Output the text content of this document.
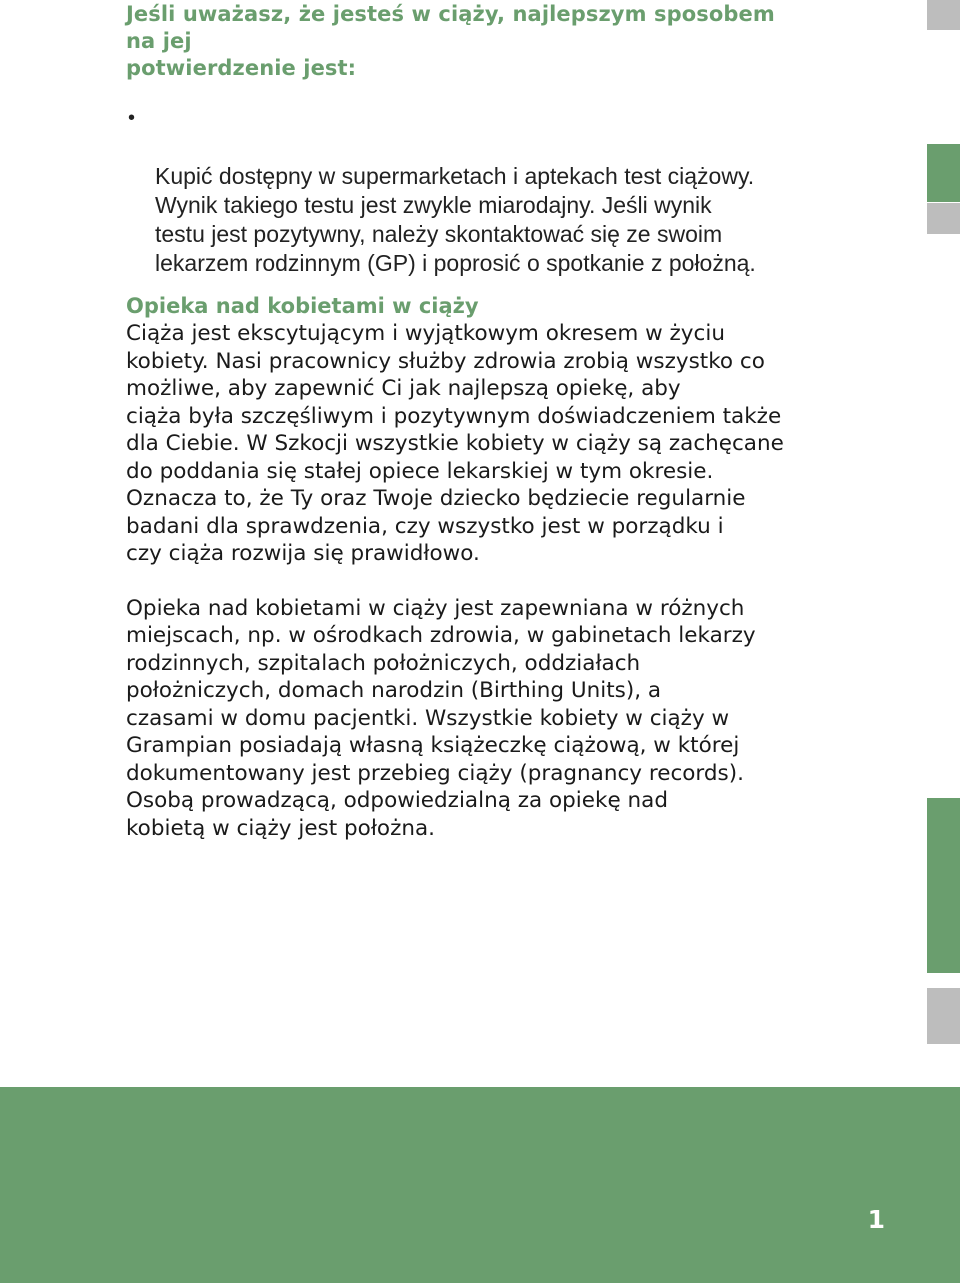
Jeśli uważasz, że jesteś w ciąży, najlepszym sposobem na jej
potwierdzenie jest:

•

Kupić dostępny w supermarketach i aptekach test ciążowy.
Wynik takiego testu jest zwykle miarodajny. Jeśli wynik
testu jest pozytywny, należy skontaktować się ze swoim
lekarzem rodzinnym (GP) i poprosić o spotkanie z położną.

Opieka nad kobietami w ciąży

Ciąża jest ekscytującym i wyjątkowym okresem w życiu
kobiety. Nasi pracownicy służby zdrowia zrobią wszystko co
możliwe, aby zapewnić Ci jak najlepszą opiekę, aby
ciąża była szczęśliwym i pozytywnym doświadczeniem także
dla Ciebie. W Szkocji wszystkie kobiety w ciąży są zachęcane
do poddania się stałej opiece lekarskiej w tym okresie.
Oznacza to, że Ty oraz Twoje dziecko będziecie regularnie
badani dla sprawdzenia, czy wszystko jest w porządku i
czy ciąża rozwija się prawidłowo.

Opieka nad kobietami w ciąży jest zapewniana w różnych
miejscach, np. w ośrodkach zdrowia, w gabinetach lekarzy
rodzinnych, szpitalach położniczych, oddziałach
położniczych, domach narodzin (Birthing Units), a
czasami w domu pacjentki. Wszystkie kobiety w ciąży w
Grampian posiadają własną książeczkę ciążową, w której
dokumentowany jest przebieg ciąży (pragnancy records).
Osobą prowadzącą, odpowiedzialną za opiekę nad
kobietą w ciąży jest położna.

1
